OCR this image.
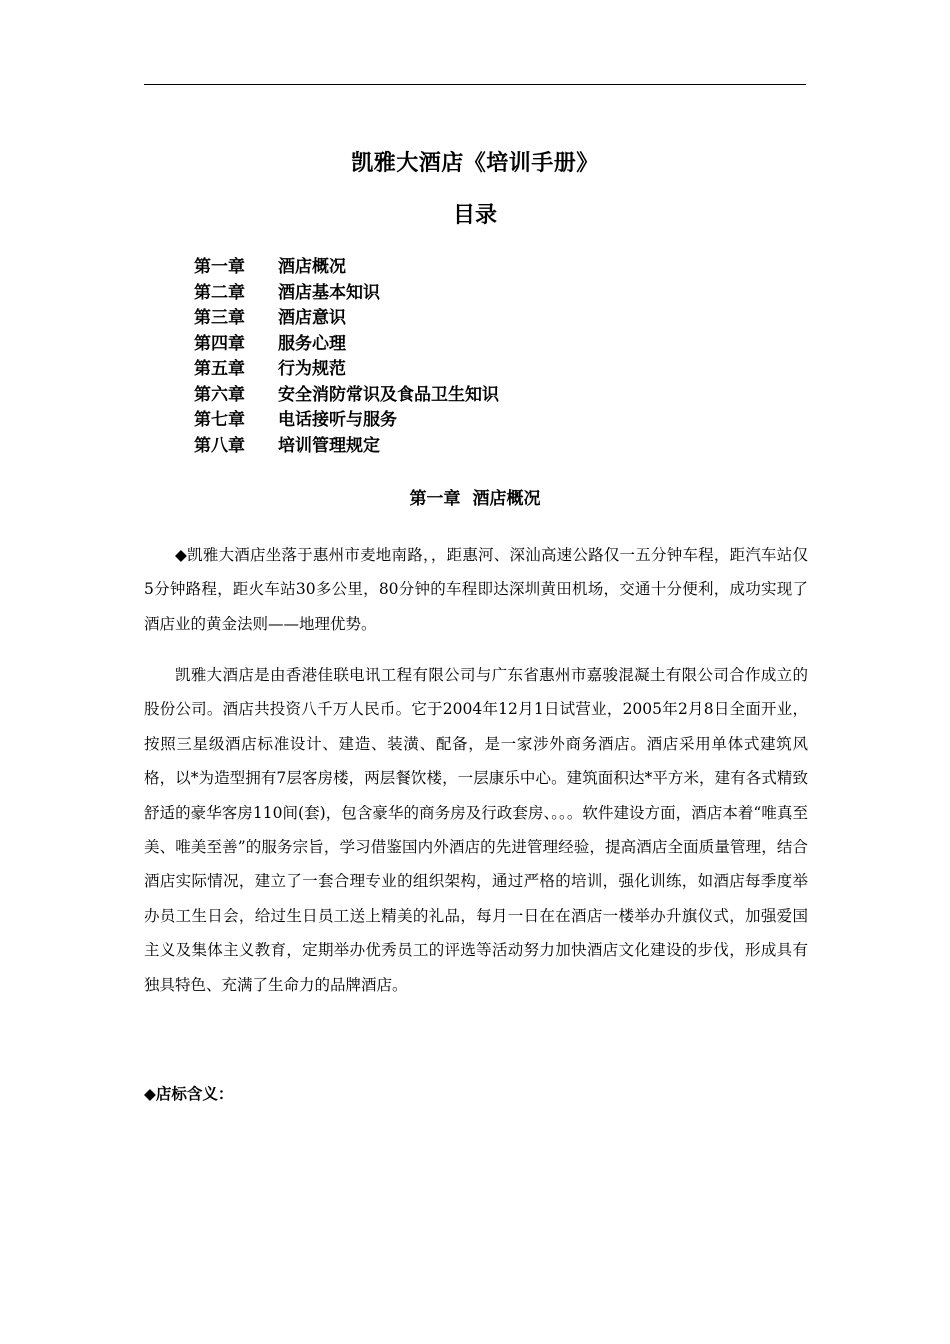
凯雅大酒店《培训手册》
目录
第一章 酒店概况
第二章 酒店基本知识
第三章 酒店意识
第四章 服务心理
第五章 行为规范
第六章 安全消防常识及食品卫生知识
第七章 电话接听与服务
第八章 培训管理规定
第一章 酒店概况

◆凯雅大酒店坐落于惠州市麦地南路，，距惠河、深汕高速公路仅一五分钟车程，距汽车站仅5分钟路程，距火车站30多公里，80分钟的车程即达深圳黄田机场，交通十分便利，成功实现了酒店业的黄金法则——地理优势。

凯雅大酒店是由香港佳联电讯工程有限公司与广东省惠州市嘉骏混凝土有限公司合作成立的股份公司。酒店共投资八千万人民币。它于2004年12月1日试营业，2005年2月8日全面开业，按照三星级酒店标准设计、建造、装潢、配备，是一家涉外商务酒店。酒店采用单体式建筑风格，以*为造型拥有7层客房楼，两层餐饮楼，一层康乐中心。建筑面积达*平方米，建有各式精致舒适的豪华客房110间(套)，包含豪华的商务房及行政套房、。。。软件建设方面，酒店本着“唯真至美、唯美至善”的服务宗旨，学习借鉴国内外酒店的先进管理经验，提高酒店全面质量管理，结合酒店实际情况，建立了一套合理专业的组织架构，通过严格的培训，强化训练，如酒店每季度举办员工生日会，给过生日员工送上精美的礼品，每月一日在在酒店一楼举办升旗仪式，加强爱国主义及集体主义教育，定期举办优秀员工的评选等活动努力加快酒店文化建设的步伐，形成具有独具特色、充满了生命力的品牌酒店。

◆店标含义：
